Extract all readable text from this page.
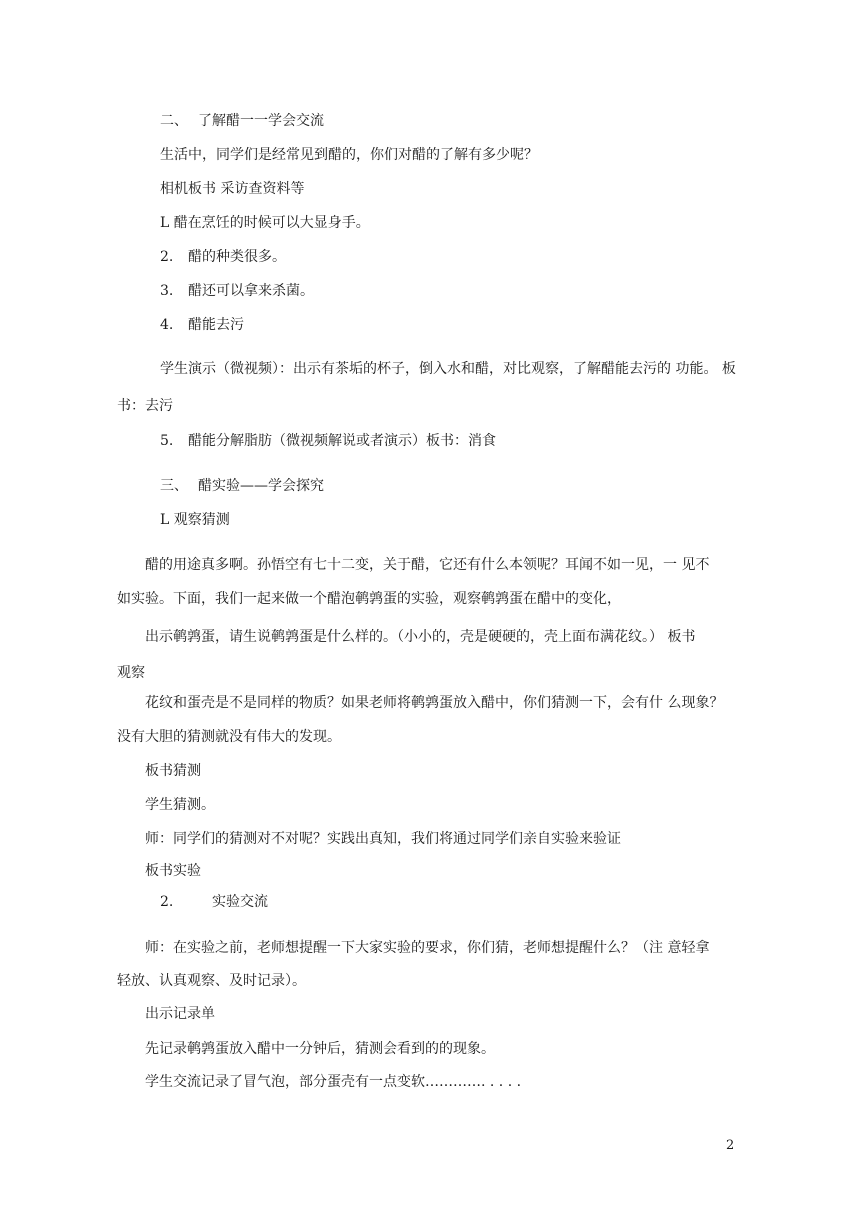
二、 了解醋一一学会交流
生活中，同学们是经常见到醋的，你们对醋的了解有多少呢？
相机板书 采访查资料等
L 醋在烹饪的时候可以大显身手。
2. 醋的种类很多。
3. 醋还可以拿来杀菌。
4. 醋能去污
学生演示（微视频）：出示有茶垢的杯子，倒入水和醋，对比观察，了解醋能去污的 功能。 板
书：去污
5. 醋能分解脂肪（微视频解说或者演示）板书：消食
三、 醋实验——学会探究
L 观察猜测
醋的用途真多啊。孙悟空有七十二变，关于醋，它还有什么本领呢？耳闻不如一见，一 见不
如实验。下面，我们一起来做一个醋泡鹌鹑蛋的实验，观察鹌鹑蛋在醋中的变化，
出示鹌鹑蛋，请生说鹌鹑蛋是什么样的。（小小的，壳是硬硬的，壳上面布满花纹。） 板书
观察
花纹和蛋壳是不是同样的物质？如果老师将鹌鹑蛋放入醋中，你们猜测一下，会有什 么现象？
没有大胆的猜测就没有伟大的发现。
板书猜测
学生猜测。
师：同学们的猜测对不对呢？实践出真知，我们将通过同学们亲自实验来验证
板书实验
2.	实验交流
师：在实验之前，老师想提醒一下大家实验的要求，你们猜，老师想提醒什么？（注 意轻拿
轻放、认真观察、及时记录）。
出示记录单
先记录鹌鹑蛋放入醋中一分钟后，猜测会看到的的现象。
学生交流记录了冒气泡，部分蛋壳有一点变软…………. . . . .
2
